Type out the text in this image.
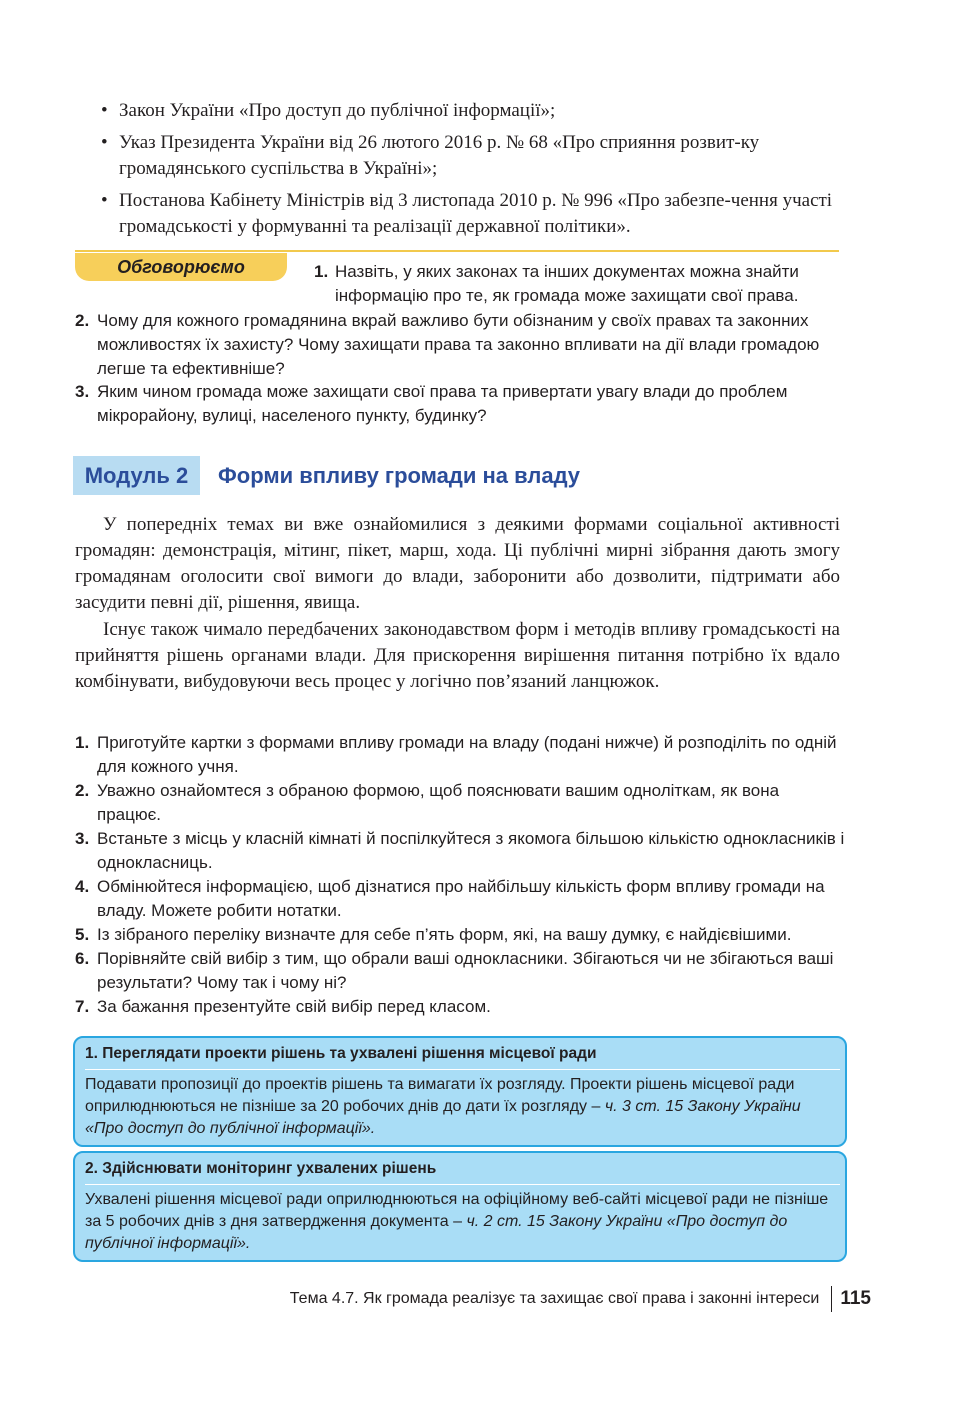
• Закон України «Про доступ до публічної інформації»;
• Указ Президента України від 26 лютого 2016 р. № 68 «Про сприяння розвит-ку громадянського суспільства в Україні»;
• Постанова Кабінету Міністрів від 3 листопада 2010 р. № 996 «Про забезпе-чення участі громадськості у формуванні та реалізації державної політики».
Обговорюємо	1. Назвіть, у яких законах та інших документах можна знайти інформацію про те, як громада може захищати свої права.
2. Чому для кожного громадянина вкрай важливо бути обізнаним у своїх правах та законних можливостях їх захисту? Чому захищати права та законно впливати на дії влади громадою легше та ефективніше?
3. Яким чином громада може захищати свої права та привертати увагу влади до проблем мікрорайону, вулиці, населеного пункту, будинку?
Модуль 2	Форми впливу громади на владу

У попередніх темах ви вже ознайомилися з деякими формами соціальної активності громадян: демонстрація, мітинг, пікет, марш, хода. Ці публічні мирні зібрання дають змогу громадянам оголосити свої вимоги до влади, заборонити або дозволити, підтримати або засудити певні дії, рішення, явища.

Існує також чимало передбачених законодавством форм і методів впливу громадськості на прийняття рішень органами влади. Для прискорення вирішення питання потрібно їх вдало комбінувати, вибудовуючи весь процес у логічно пов’язаний ланцюжок.

1. Приготуйте картки з формами впливу громади на владу (подані нижче) й розподіліть по одній для кожного учня.
2. Уважно ознайомтеся з обраною формою, щоб пояснювати вашим одноліткам, як вона працює.
3. Встаньте з місць у класній кімнаті й поспілкуйтеся з якомога більшою кількістю однокласників і однокласниць.
4. Обмінюйтеся інформацією, щоб дізнатися про найбільшу кількість форм впливу громади на владу. Можете робити нотатки.
5. Із зібраного переліку визначте для себе п’ять форм, які, на вашу думку, є найдієвішими.
6. Порівняйте свій вибір з тим, що обрали ваші однокласники. Збігаються чи не збігаються ваші результати? Чому так і чому ні?
7. За бажання презентуйте свій вибір перед класом.
1. Переглядати проекти рішень та ухвалені рішення місцевої ради
Подавати пропозиції до проектів рішень та вимагати їх розгляду. Проекти рішень місцевої ради оприлюднюються не пізніше за 20 робочих днів до дати їх розгляду – ч. 3 ст. 15 Закону України «Про доступ до публічної інформації».
2. Здійснювати моніторинг ухвалених рішень
Ухвалені рішення місцевої ради оприлюднюються на офіційному веб-сайті місцевої ради не пізніше за 5 робочих днів з дня затвердження документа – ч. 2 ст. 15 Закону України «Про доступ до публічної інформації».
Тема 4.7. Як громада реалізує та захищає свої права і законні інтереси 115
